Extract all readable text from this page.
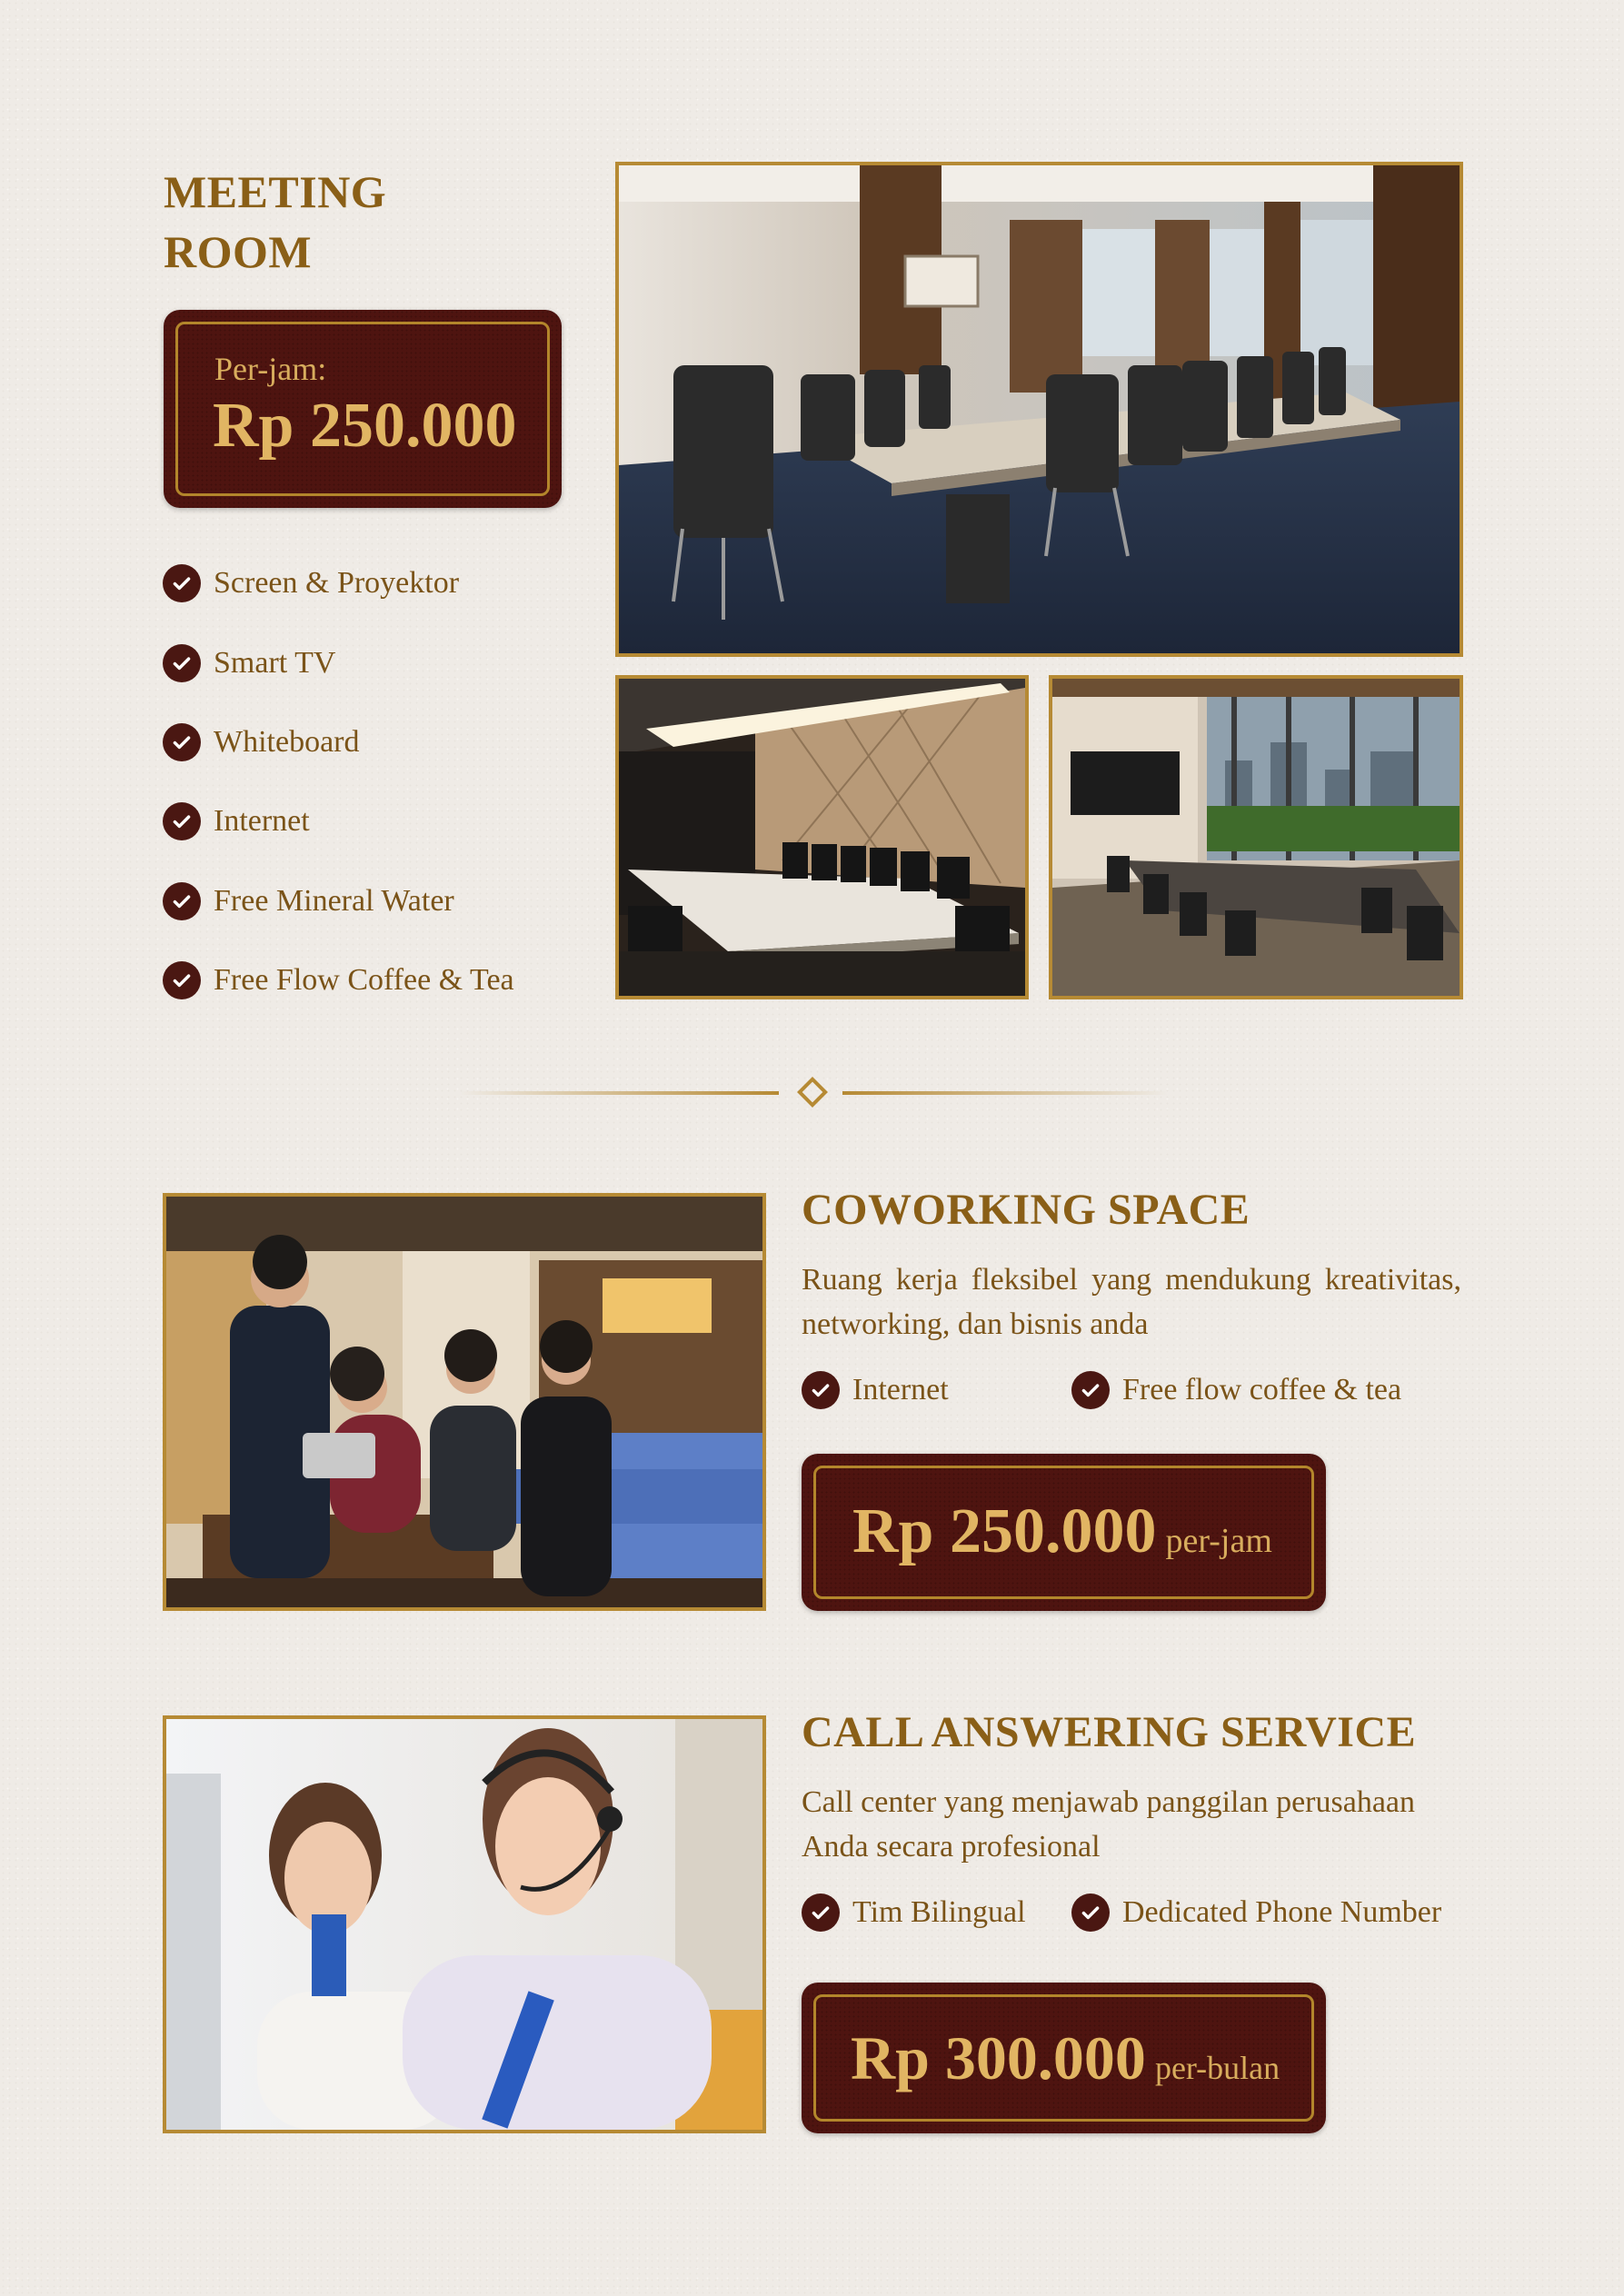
MEETING
ROOM
Per-jam:
Rp 250.000
Screen & Proyektor
Smart TV
Whiteboard
Internet
Free Mineral Water
Free Flow Coffee & Tea
COWORKING SPACE
Ruang kerja fleksibel yang mendukung kreativitas, networking, dan bisnis anda
Internet	Free flow coffee & tea
Rp 250.000 per-jam
CALL ANSWERING SERVICE
Call center yang menjawab panggilan perusahaan Anda secara profesional
Tim Bilingual	Dedicated Phone Number
Rp 300.000 per-bulan
